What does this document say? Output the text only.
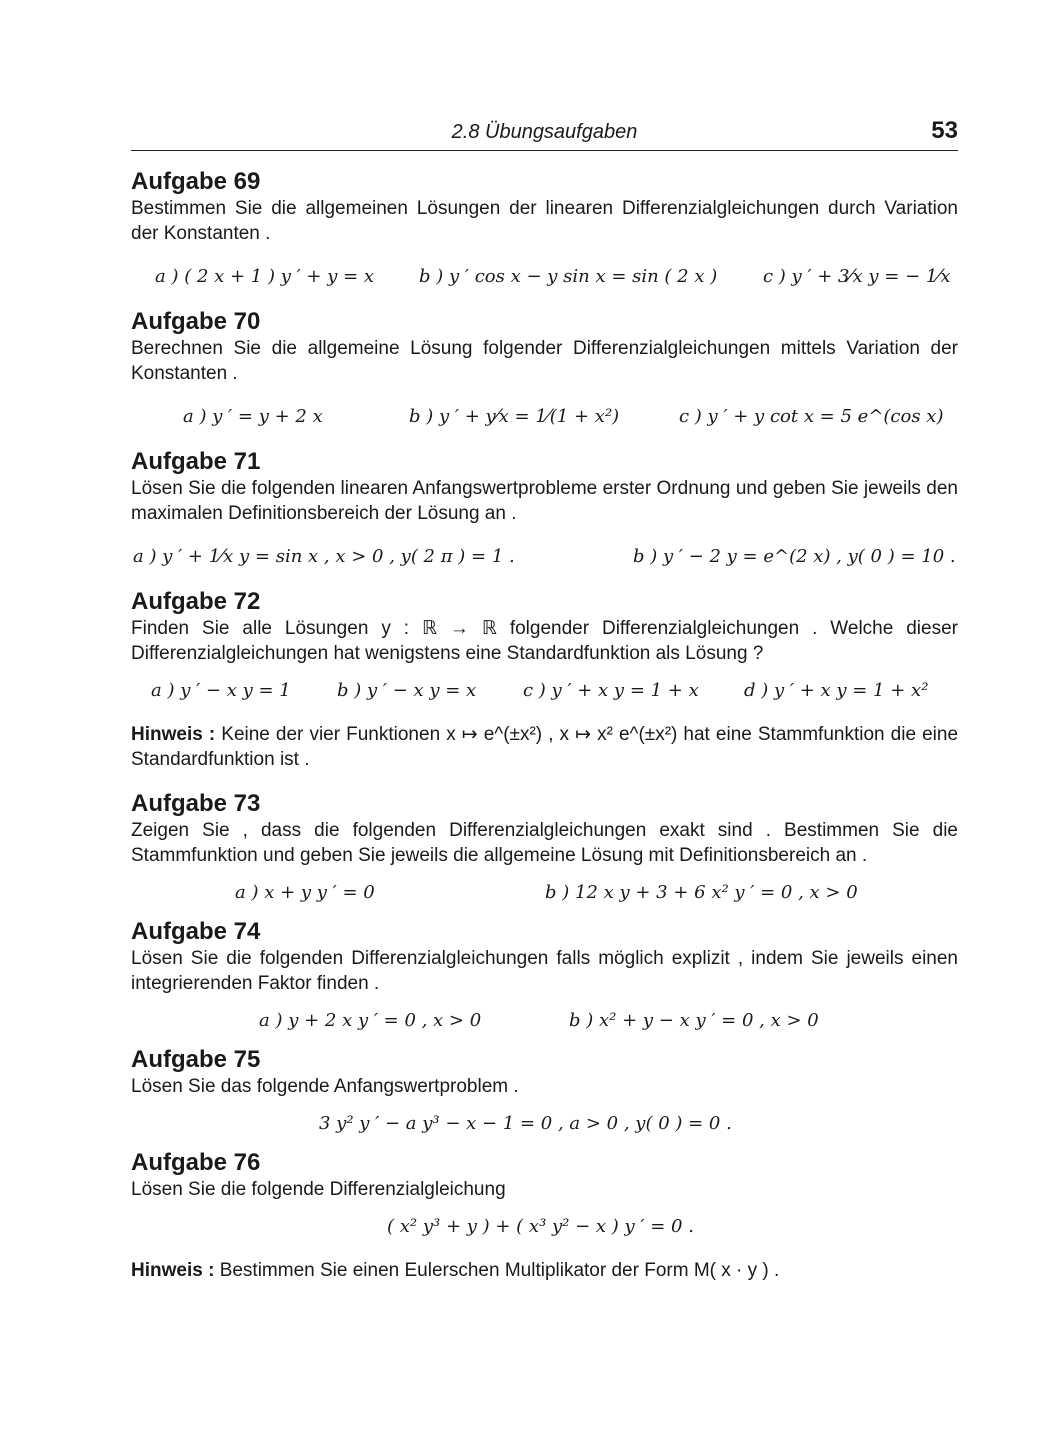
2.8 Übungsaufgaben	53
Aufgabe 69

Bestimmen Sie die allgemeinen Lösungen der linearen Differenzialgleichungen durch Variation der Konstanten .

a ) ( 2 x + 1 ) y ′ + y = x b ) y ′ cos x − y sin x = sin ( 2 x )	c ) y ′ + 3⁄x y = − 1⁄x
Aufgabe 70

Berechnen Sie die allgemeine Lösung folgender Differenzialgleichungen mittels Variation der Konstanten .

a ) y ′ = y + 2 x	b ) y ′ + y⁄x = 1⁄(1 + x²)	c ) y ′ + y cot x = 5 e^(cos x)
Aufgabe 71

Lösen Sie die folgenden linearen Anfangswertprobleme erster Ordnung und geben Sie jeweils den maximalen Definitionsbereich der Lösung an .

a ) y ′ + 1⁄x y = sin x , x > 0 , y( 2 π ) = 1 .	b ) y ′ − 2 y = e^(2 x) , y( 0 ) = 10 .
Aufgabe 72

Finden Sie alle Lösungen y : ℝ → ℝ folgender Differenzialgleichungen . Welche dieser Differenzialgleichungen hat wenigstens eine Standardfunktion als Lösung ?

a ) y ′ − x y = 1	b ) y ′ − x y = x	c ) y ′ + x y = 1 + x	d ) y ′ + x y = 1 + x²

Hinweis : Keine der vier Funktionen x ↦ e^(±x²) , x ↦ x² e^(±x²) hat eine Stammfunktion die eine Standardfunktion ist .

Aufgabe 73

Zeigen Sie , dass die folgenden Differenzialgleichungen exakt sind . Bestimmen Sie die Stammfunktion und geben Sie jeweils die allgemeine Lösung mit Definitionsbereich an .

a ) x + y y ′ = 0	b ) 12 x y + 3 + 6 x² y ′ = 0 , x > 0
Aufgabe 74

Lösen Sie die folgenden Differenzialgleichungen falls möglich explizit , indem Sie jeweils einen integrierenden Faktor finden .

a ) y + 2 x y ′ = 0 , x > 0	b ) x² + y − x y ′ = 0 , x > 0
Aufgabe 75

Lösen Sie das folgende Anfangswertproblem .

3 y² y ′ − a y³ − x − 1 = 0 , a > 0 , y( 0 ) = 0 .
Aufgabe 76

Lösen Sie die folgende Differenzialgleichung

( x² y³ + y ) + ( x³ y² − x ) y ′ = 0 .

Hinweis : Bestimmen Sie einen Eulerschen Multiplikator der Form M( x · y ) .
